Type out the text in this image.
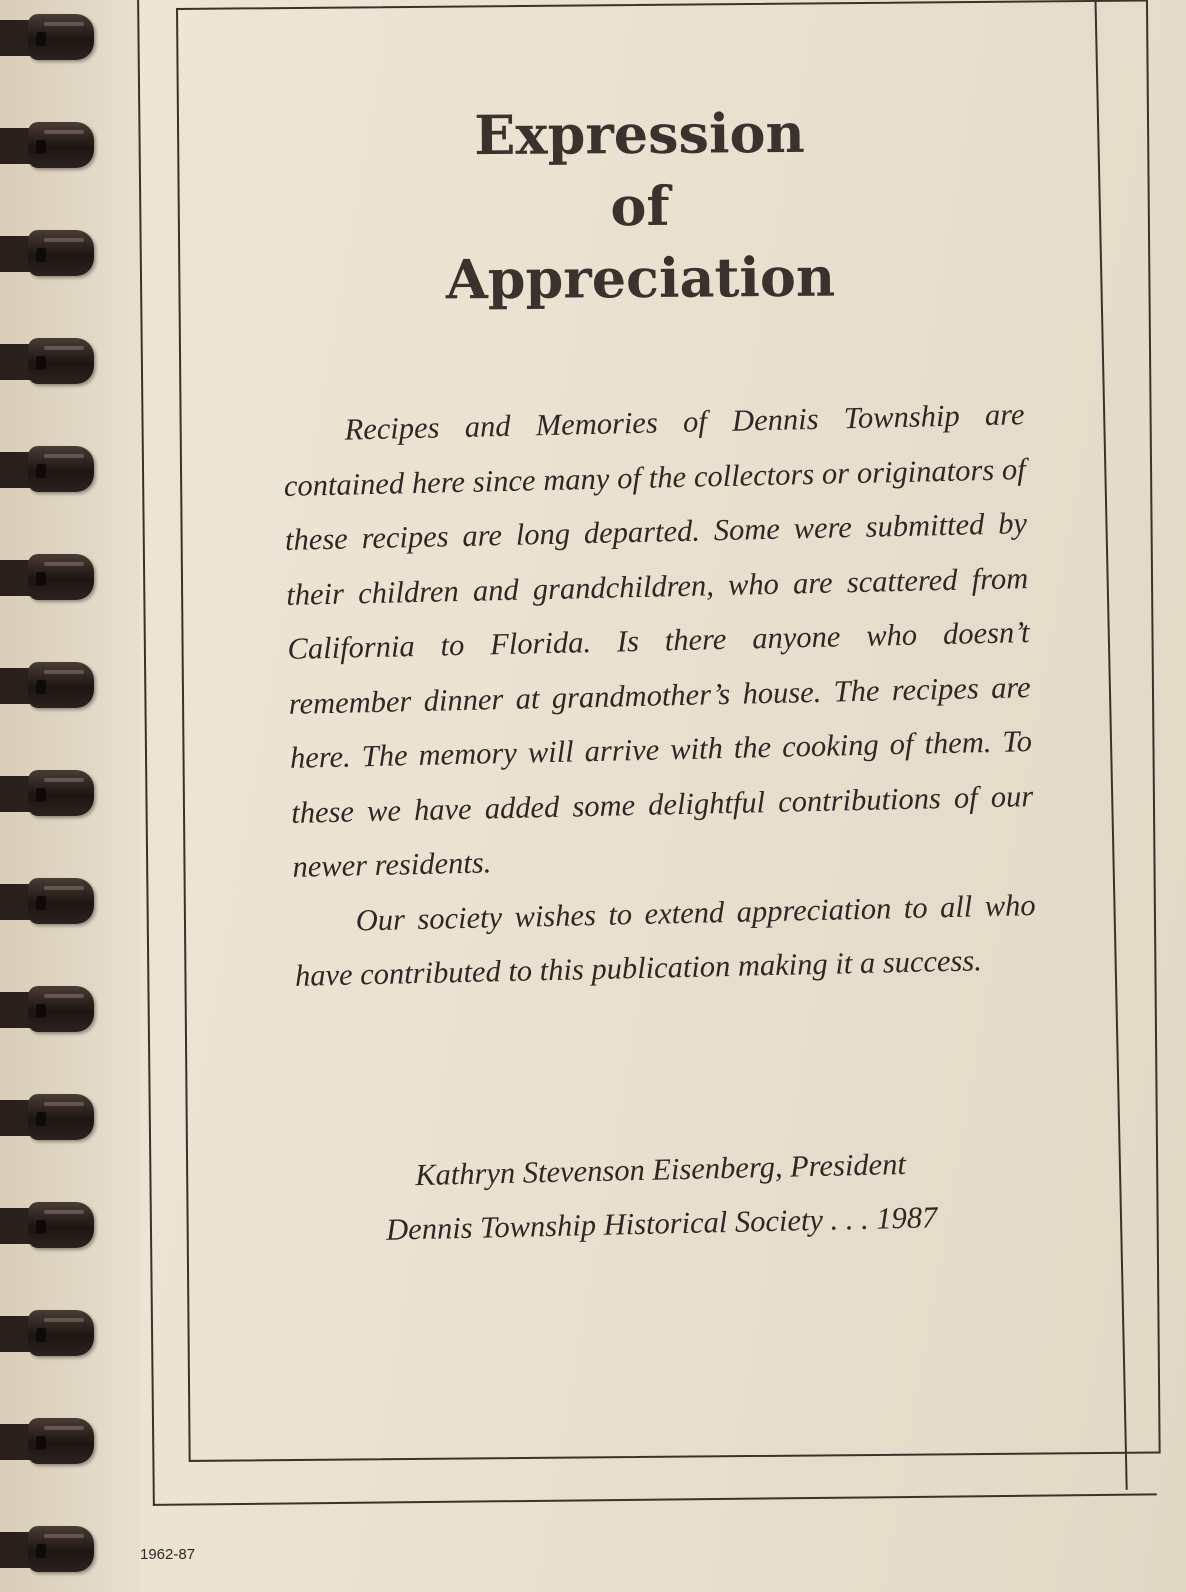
Expression
of
Appreciation

Recipes and Memories of Dennis Township are contained here since many of the collectors or originators of these recipes are long departed. Some were submitted by their children and grandchildren, who are scattered from California to Florida. Is there anyone who doesn’t remember dinner at grandmother’s house. The recipes are here. The memory will arrive with the cooking of them. To these we have added some delightful contributions of our newer residents.

Our society wishes to extend appreciation to all who have contributed to this publication making it a success.

Kathryn Stevenson Eisenberg, President
Dennis Township Historical Society . . . 1987
1962-87
